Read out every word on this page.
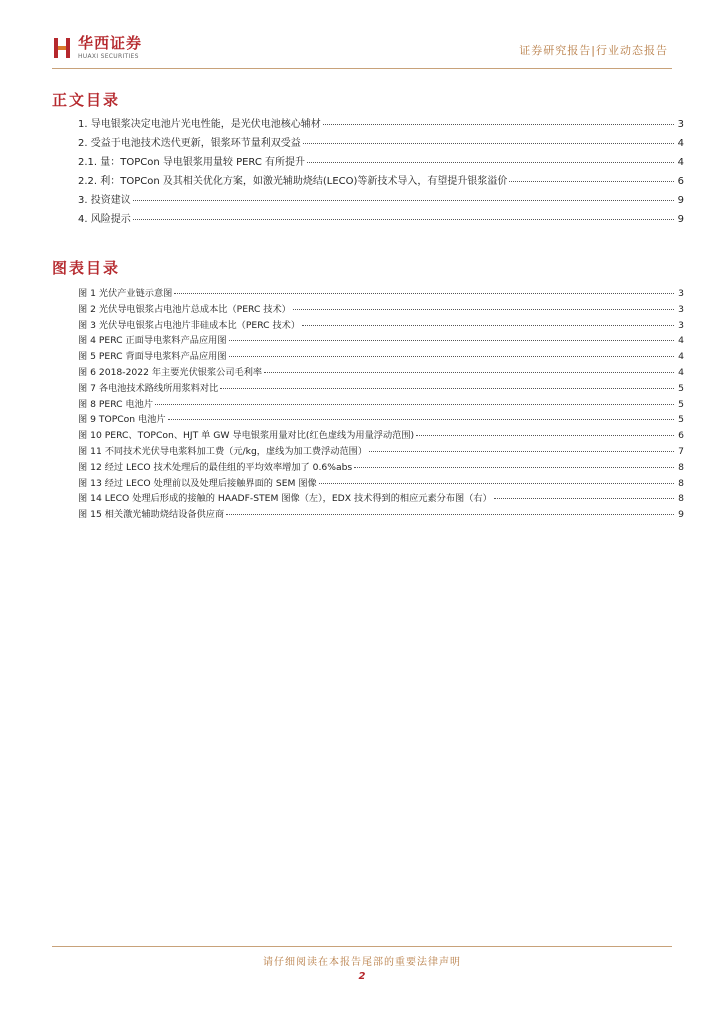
华西证券
HUAXI SECURITIES	证券研究报告|行业动态报告
正文目录
1. 导电银浆决定电池片光电性能，是光伏电池核心辅材	3
2. 受益于电池技术迭代更新，银浆环节量利双受益	4
2.1. 量：TOPCon 导电银浆用量较 PERC 有所提升	4
2.2. 利：TOPCon 及其相关优化方案，如激光辅助烧结(LECO)等新技术导入，有望提升银浆溢价	6
3. 投资建议	9
4. 风险提示	9
图表目录
图 1 光伏产业链示意图	3
图 2 光伏导电银浆占电池片总成本比（PERC 技术）	3
图 3 光伏导电银浆占电池片非硅成本比（PERC 技术）	3
图 4 PERC 正面导电浆料产品应用图	4
图 5 PERC 背面导电浆料产品应用图	4
图 6 2018-2022 年主要光伏银浆公司毛利率	4
图 7 各电池技术路线所用浆料对比	5
图 8 PERC 电池片	5
图 9 TOPCon 电池片	5
图 10 PERC、TOPCon、HJT 单 GW 导电银浆用量对比(红色虚线为用量浮动范围)	6
图 11 不同技术光伏导电浆料加工费（元/kg，虚线为加工费浮动范围）	7
图 12 经过 LECO 技术处理后的最佳组的平均效率增加了 0.6%abs	8
图 13 经过 LECO 处理前以及处理后接触界面的 SEM 图像	8
图 14 LECO 处理后形成的接触的 HAADF-STEM 图像（左），EDX 技术得到的相应元素分布图（右）	8
图 15 相关激光辅助烧结设备供应商	9
请仔细阅读在本报告尾部的重要法律声明
2
